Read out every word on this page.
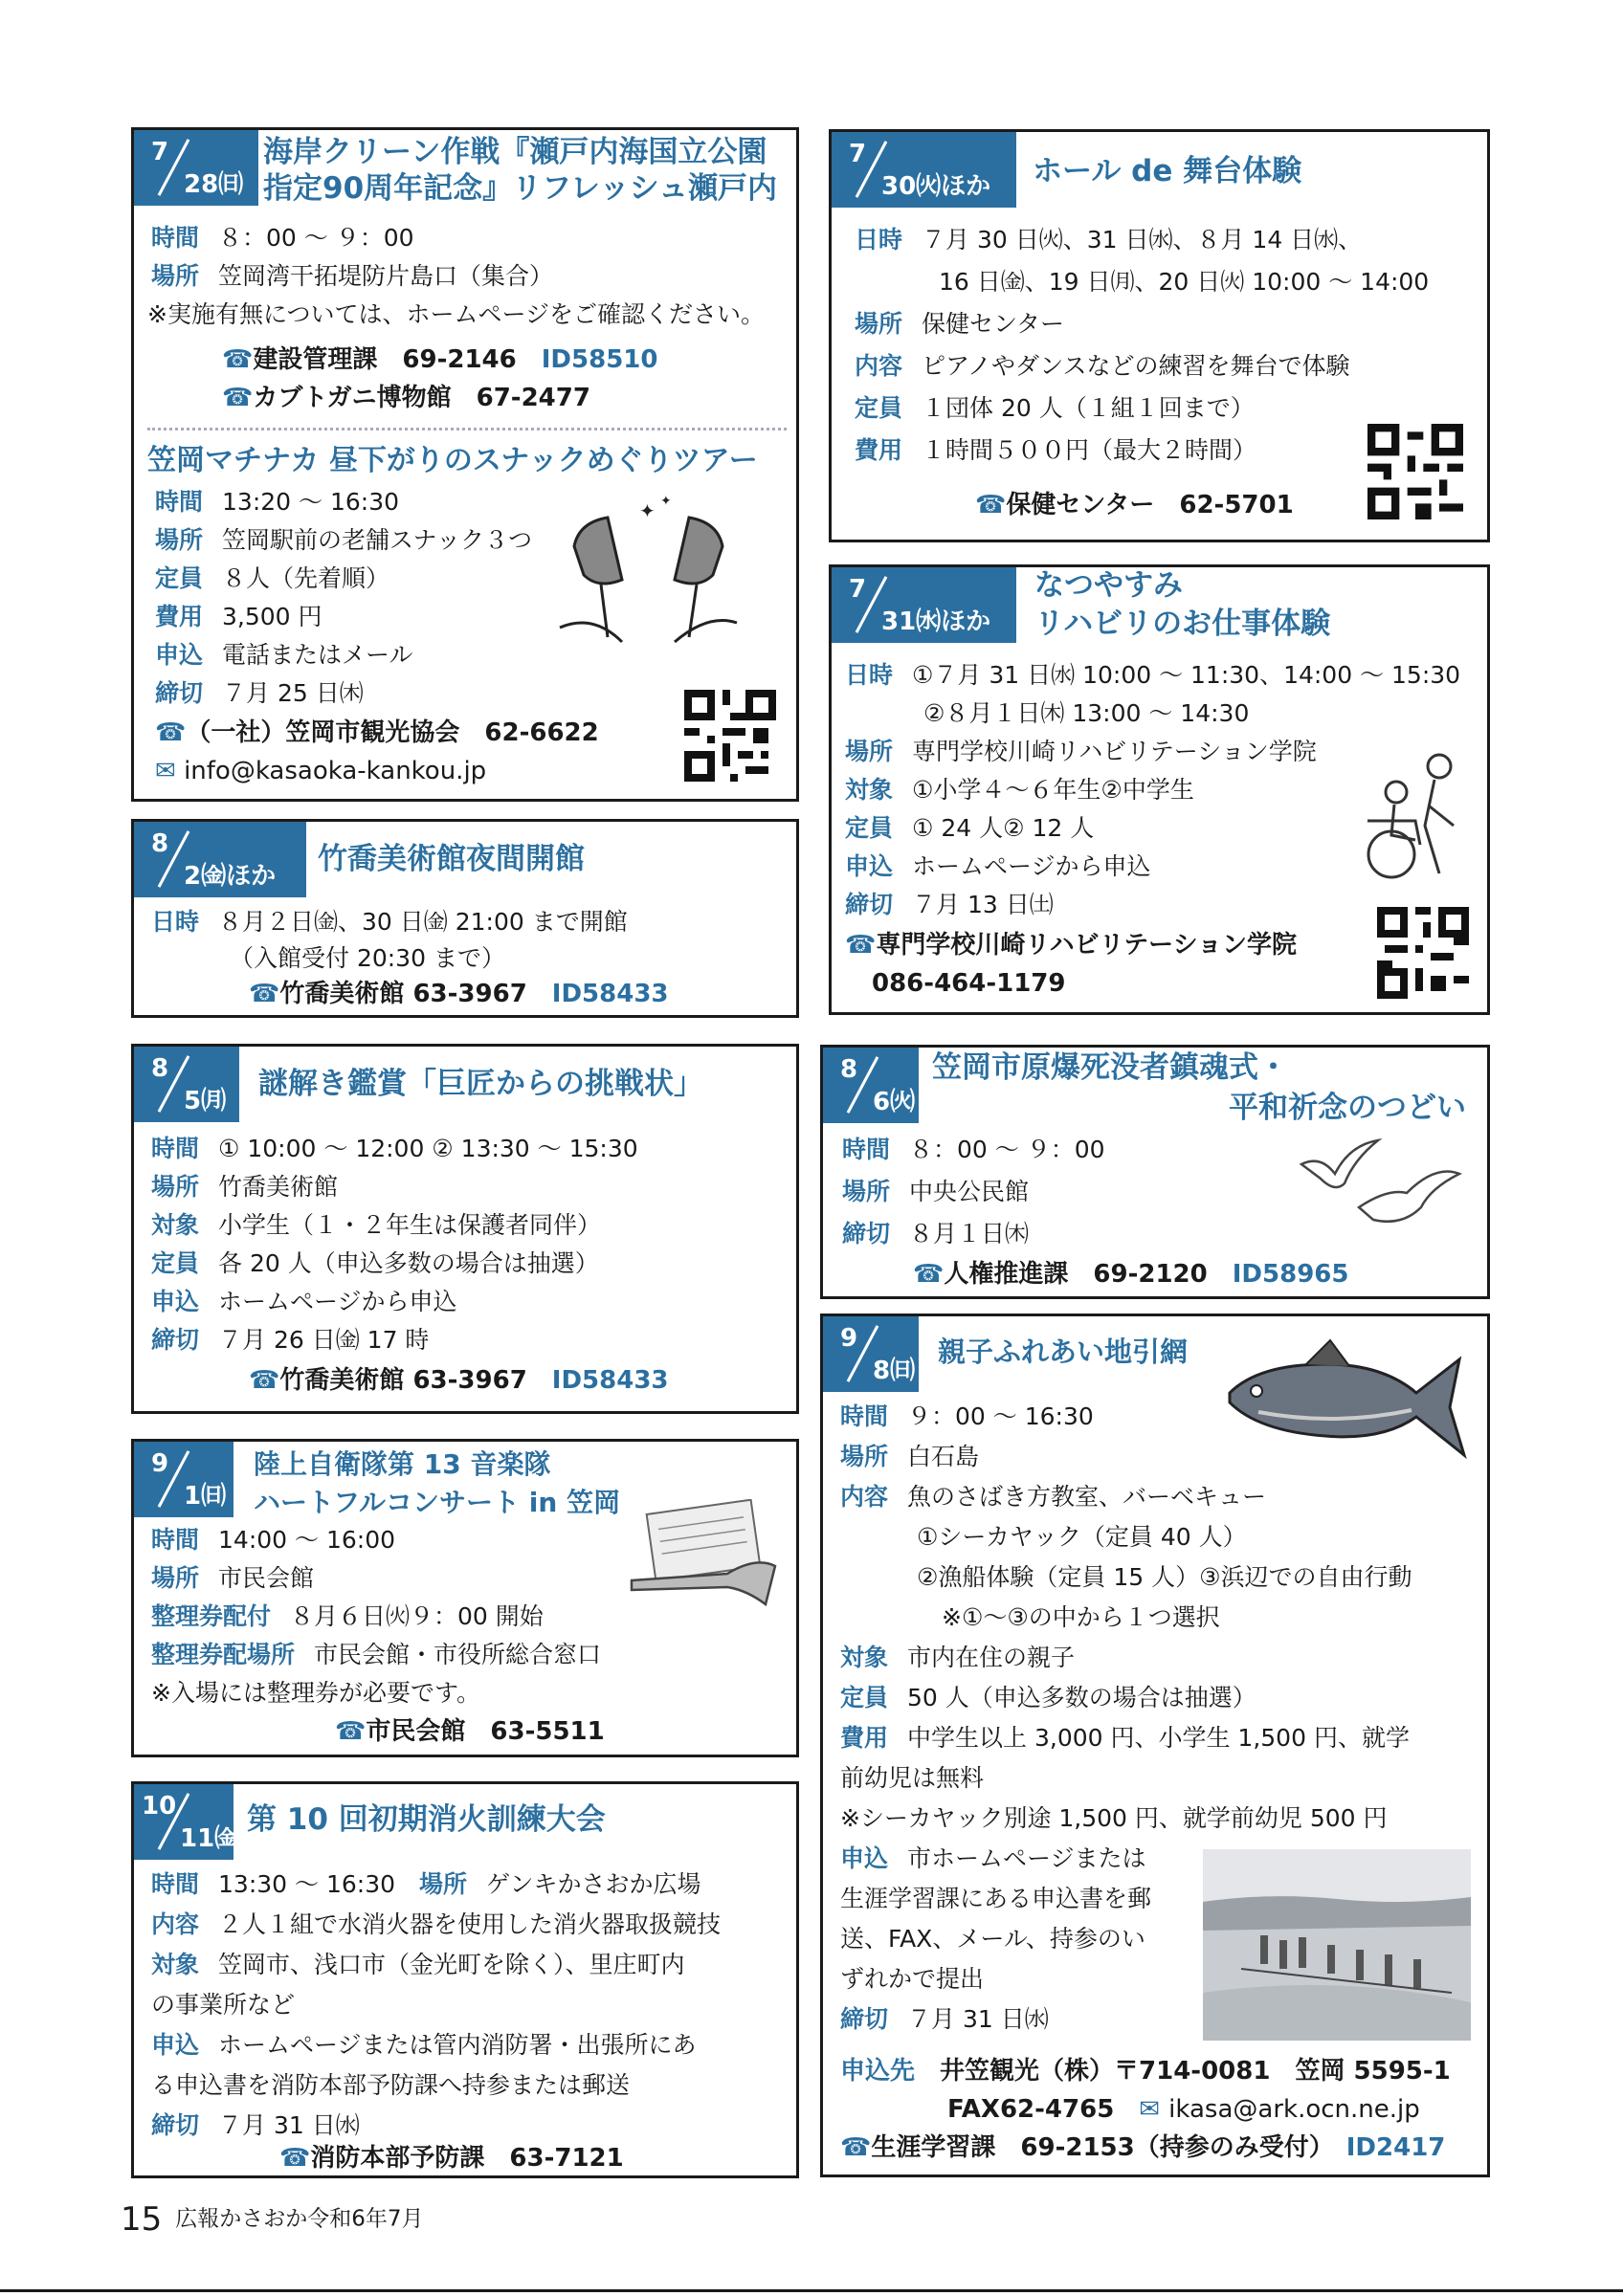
7
28㈰
海岸クリーン作戦『瀬戸内海国立公園
指定90周年記念』リフレッシュ瀬戸内
時間 ８：00 ～ ９：00
場所 笠岡湾干拓堤防片島口（集合）
※実施有無については、ホームページをご確認ください。
☎建設管理課　69-2146　 ID58510
☎カブトガニ博物館　67-2477
笠岡マチナカ 昼下がりのスナックめぐりツアー
時間 13:20 ～ 16:30
場所 笠岡駅前の老舗スナック３つ
定員 ８人（先着順）
費用 3,500 円
申込 電話またはメール
締切 ７月 25 日㈭
☎（一社）笠岡市観光協会　62-6622
✉ info@kasaoka-kankou.jp
✦ ✦
7
30㈫ほか ホール de 舞台体験
日時 ７月 30 日㈫、31 日㈬、８月 14 日㈬、
16 日㈮、19 日㈪、20 日㈫ 10:00 ～ 14:00
場所 保健センター
内容 ピアノやダンスなどの練習を舞台で体験
定員 １団体 20 人（１組１回まで）
費用 １時間５００円（最大２時間）
☎保健センター　62-5701
7
31㈬ほか
なつやすみ
リハビリのお仕事体験
日時 ①７月 31 日㈬ 10:00 ～ 11:30、14:00 ～ 15:30
②８月１日㈭ 13:00 ～ 14:30
場所 専門学校川崎リハビリテーション学院
対象 ①小学４～６年生②中学生
定員 ① 24 人② 12 人
申込 ホームページから申込
締切 ７月 13 日㈯
☎専門学校川崎リハビリテーション学院
086-464-1179
8
2㈮ほか 竹喬美術館夜間開館
日時 ８月２日㈮、30 日㈮ 21:00 まで開館
（入館受付 20:30 まで）
☎竹喬美術館 63-3967　 ID58433
8
5㈪ 謎解き鑑賞「巨匠からの挑戦状」
時間 ① 10:00 ～ 12:00 ② 13:30 ～ 15:30
場所 竹喬美術館
対象 小学生（１・２年生は保護者同伴）
定員 各 20 人（申込多数の場合は抽選）
申込 ホームページから申込
締切 ７月 26 日㈮ 17 時
☎竹喬美術館 63-3967　 ID58433
8
6㈫
笠岡市原爆死没者鎮魂式・
平和祈念のつどい
時間 ８：00 ～ ９：00
場所 中央公民館
締切 ８月１日㈭
☎人権推進課　69-2120　 ID58965
9
1㈰
陸上自衛隊第 13 音楽隊
ハートフルコンサート in 笠岡
時間 14:00 ～ 16:00
場所 市民会館
整理券配付 ８月６日㈫９：00 開始
整理券配場所 市民会館・市役所総合窓口
※入場には整理券が必要です。
☎市民会館　63-5511
9
8㈰
親子ふれあい地引網
時間 ９：00 ～ 16:30
場所 白石島
内容 魚のさばき方教室、バーベキュー
①シーカヤック（定員 40 人）
②漁船体験（定員 15 人）③浜辺での自由行動
※①～③の中から１つ選択
対象 市内在住の親子
定員 50 人（申込多数の場合は抽選）
費用 中学生以上 3,000 円、小学生 1,500 円、就学
前幼児は無料
※シーカヤック別途 1,500 円、就学前幼児 500 円
申込 市ホームページまたは
生涯学習課にある申込書を郵
送、FAX、メール、持参のい
ずれかで提出
締切 ７月 31 日㈬
申込先　 井笠観光（株）〒714-0081　笠岡 5595-1
FAX62-4765　 ✉ ikasa@ark.ocn.ne.jp
☎生涯学習課　69-2153（持参のみ受付）　 ID2417
10
11㈮
第 10 回初期消火訓練大会
時間 13:30 ～ 16:30　 場所 ゲンキかさおか広場
内容 ２人１組で水消火器を使用した消火器取扱競技
対象 笠岡市、浅口市（金光町を除く）、里庄町内
の事業所など
申込 ホームページまたは管内消防署・出張所にあ
る申込書を消防本部予防課へ持参または郵送
締切 ７月 31 日㈬
☎消防本部予防課　63-7121
15 広報かさおか令和6年7月
